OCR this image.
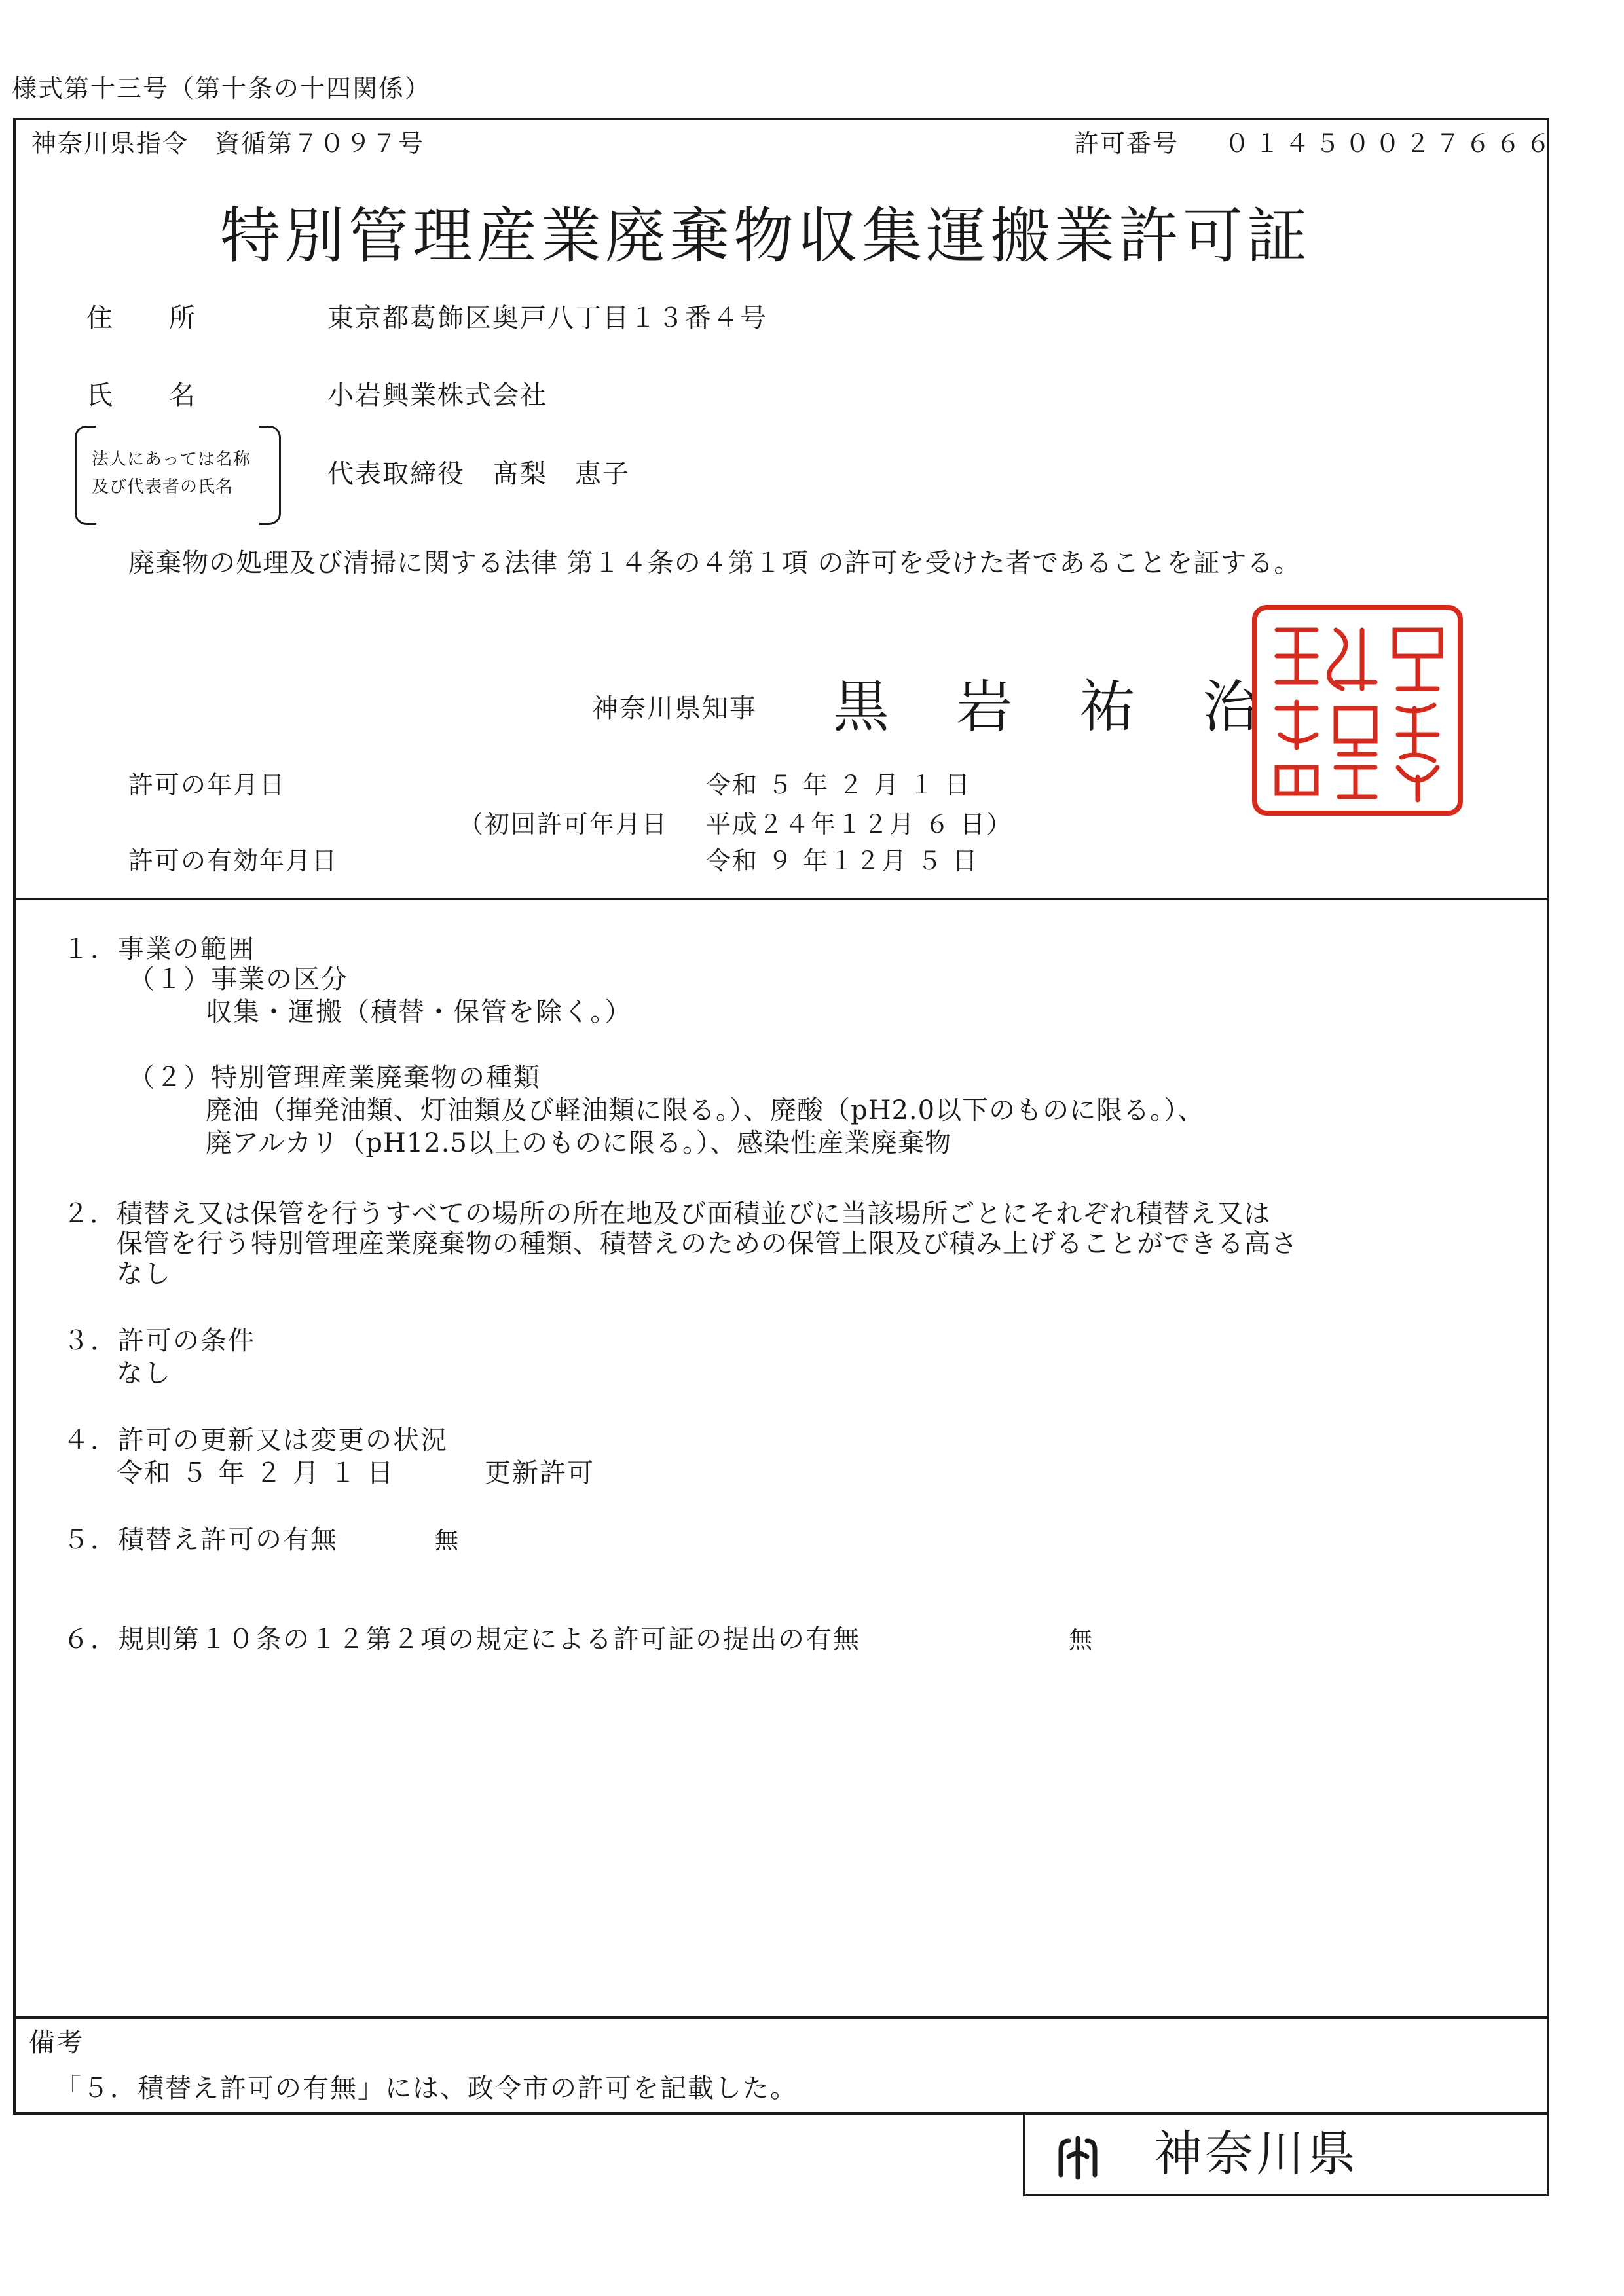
様式第十三号（第十条の十四関係）
神奈川県指令　資循第７０９７号	許可番号 ０１４５００２７６６６
特別管理産業廃棄物収集運搬業許可証
住　　所	東京都葛飾区奥戸八丁目１３番４号
氏　　名	小岩興業株式会社
法人にあっては名称
及び代表者の氏名	代表取締役　髙梨　恵子
廃棄物の処理及び清掃に関する法律 第１４条の４第１項 の許可を受けた者であることを証する。
神奈川県知事 黒　岩　祐　治
許可の年月日	令和 ５ 年 ２ 月 １ 日
（初回許可年月日 平成２４年１２月 ６ 日）
許可の有効年月日	令和 ９ 年１２月 ５ 日
１．事業の範囲
（１）事業の区分
収集・運搬（積替・保管を除く。）
（２）特別管理産業廃棄物の種類
廃油（揮発油類、灯油類及び軽油類に限る。）、廃酸（pH2.0以下のものに限る。）、
廃アルカリ（pH12.5以上のものに限る。）、感染性産業廃棄物
２．積替え又は保管を行うすべての場所の所在地及び面積並びに当該場所ごとにそれぞれ積替え又は
保管を行う特別管理産業廃棄物の種類、積替えのための保管上限及び積み上げることができる高さ
なし
３．許可の条件
なし
４．許可の更新又は変更の状況
令和 ５ 年 ２ 月 １ 日	更新許可
５．積替え許可の有無	無
６．規則第１０条の１２第２項の規定による許可証の提出の有無	無
備考
「５．積替え許可の有無」には、政令市の許可を記載した。
神奈川県
